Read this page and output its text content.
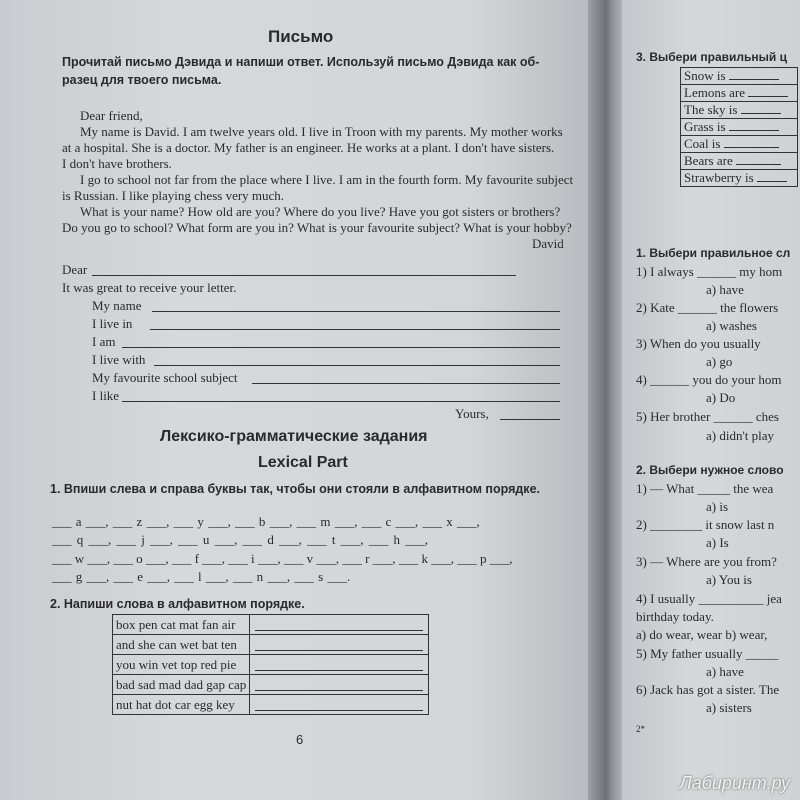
Письмо
Прочитай письмо Дэвида и напиши ответ. Используй письмо Дэвида как об-
разец для твоего письма.
Dear friend,
My name is David. I am twelve years old. I live in Troon with my parents. My mother works
at a hospital. She is a doctor. My father is an engineer. He works at a plant. I don't have sisters.
I don't have brothers.
I go to school not far from the place where I live. I am in the fourth form. My favourite subject
is Russian. I like playing chess very much.
What is your name? How old are you? Where do you live? Have you got sisters or brothers?
Do you go to school? What form are you in? What is your favourite subject? What is your hobby?
David
Dear
It was great to receive your letter.
My name
I live in
I am
I live with
My favourite school subject
I like
Yours,
Лексико-грамматические задания
Lexical Part
1. Впиши слева и справа буквы так, чтобы они стояли в алфавитном порядке.
___ a ___, ___ z ___, ___ y ___, ___ b ___, ___ m ___, ___ c ___, ___ x ___,
___ q ___, ___ j ___, ___ u ___, ___ d ___, ___ t ___, ___ h ___,
___ w ___, ___ o ___, ___ f ___, ___ i ___, ___ v ___, ___ r ___, ___ k ___, ___ p ___,
___ g ___, ___ e ___, ___ l ___, ___ n ___, ___ s ___.
2. Напиши слова в алфавитном порядке.
box pen cat mat fan air	

and she can wet bat ten	

you win vet top red pie	

bad sad mad dad gap cap	

nut hat dot car egg key	
6
3. Выбери правильный ц
Snow is
Lemons are
The sky is
Grass is
Coal is
Bears are
Strawberry is
1. Выбери правильное сл
1) I always ______ my hom
a) have
2) Kate ______ the flowers
a) washes
3) When do you usually
a) go
4) ______ you do your hom
a) Do
5) Her brother ______ ches
a) didn't play
2. Выбери нужное слово
1) — What _____ the wea
a) is
2) ________ it snow last n
a) Is
3) — Where are you from?
a) You is
4) I usually __________ jea
birthday today.
a) do wear, wear b) wear,
5) My father usually _____
a) have
6) Jack has got a sister. The
a) sisters
2*
Лабиринт.ру
